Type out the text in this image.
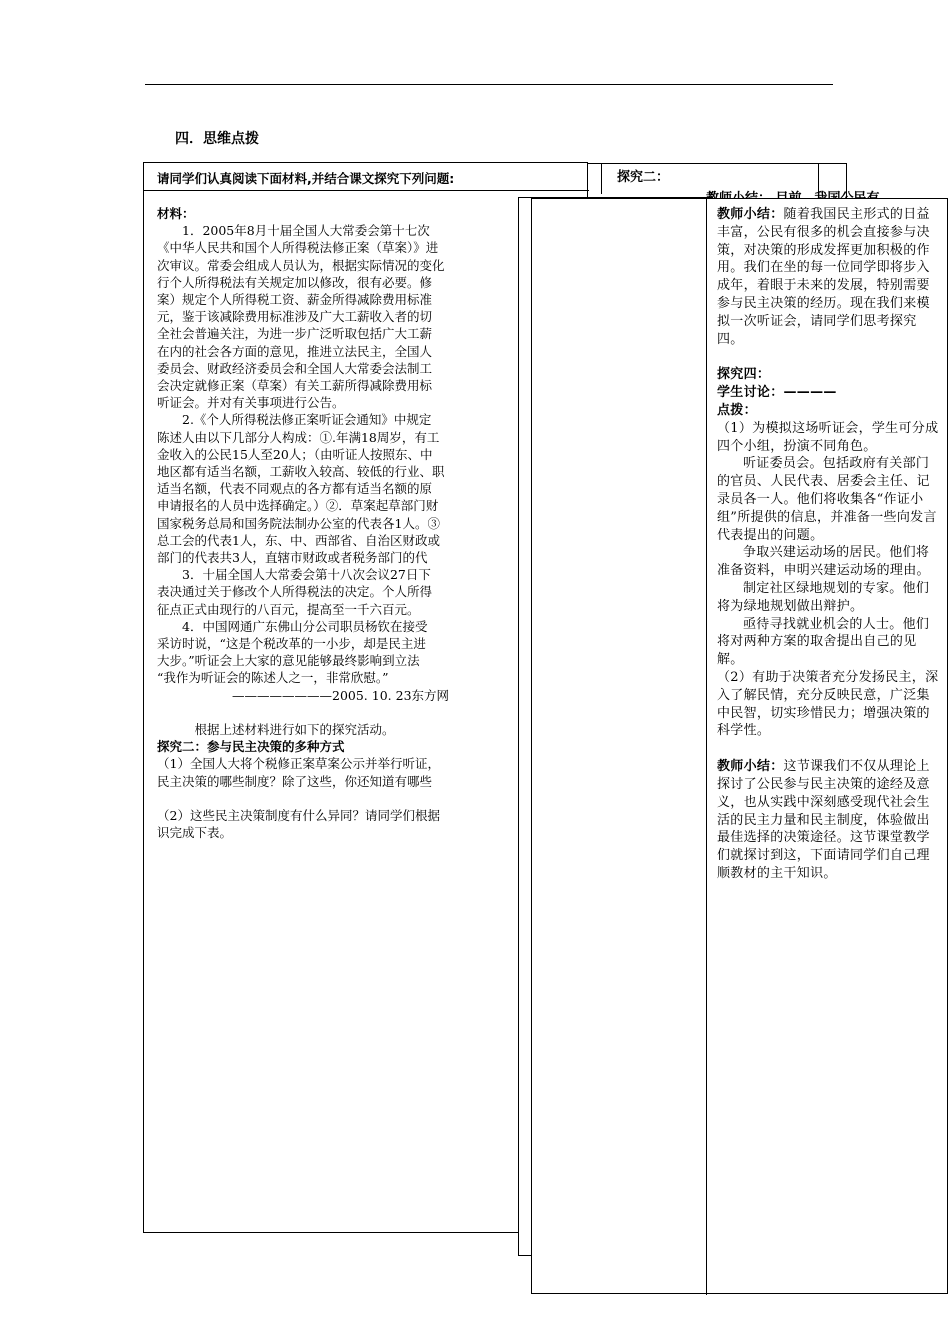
四．思维点拨
探究二：
请同学们认真阅读下面材料,并结合课文探究下列问题:
材料：
1．2005年8月十届全国人大常委会第十七次
《中华人民共和国个人所得税法修正案（草案）》进
次审议。常委会组成人员认为，根据实际情况的变化
行个人所得税法有关规定加以修改，很有必要。修
案）规定个人所得税工资、薪金所得减除费用标准
元，鉴于该减除费用标准涉及广大工薪收入者的切
全社会普遍关注，为进一步广泛听取包括广大工薪
在内的社会各方面的意见，推进立法民主，全国人
委员会、财政经济委员会和全国人大常委会法制工
会决定就修正案（草案）有关工薪所得减除费用标
听证会。并对有关事项进行公告。
2.《个人所得税法修正案听证会通知》中规定
陈述人由以下几部分人构成：①.年满18周岁，有工
金收入的公民15人至20人；（由听证人按照东、中
地区都有适当名额，工薪收入较高、较低的行业、职
适当名额，代表不同观点的各方都有适当名额的原
申请报名的人员中选择确定。）②．草案起草部门财
国家税务总局和国务院法制办公室的代表各1人。③
总工会的代表1人，东、中、西部省、自治区财政或
部门的代表共3人，直辖市财政或者税务部门的代
3．十届全国人大常委会第十八次会议27日下
表决通过关于修改个人所得税法的决定。个人所得
征点正式由现行的八百元，提高至一千六百元。
4．中国网通广东佛山分公司职员杨钦在接受
采访时说，“这是个税改革的一小步，却是民主进
大步。”听证会上大家的意见能够最终影响到立法
“我作为听证会的陈述人之一，非常欣慰。”
————————2005. 10. 23东方网
根据上述材料进行如下的探究活动。
探究二：参与民主决策的多种方式
（1）全国人大将个税修正案草案公示并举行听证，
民主决策的哪些制度？除了这些，你还知道有哪些
（2）这些民主决策制度有什么异同？请同学们根据
识完成下表。
教师小结：随着我国民主形式的日益丰富，公民有很多的机会直接参与决策，对决策的形成发挥更加积极的作用。我们在坐的每一位同学即将步入成年，着眼于未来的发展，特别需要参与民主决策的经历。现在我们来模拟一次听证会，请同学们思考探究四。
探究四：
学生讨论：————
点拨：
（1）为模拟这场听证会，学生可分成四个小组，扮演不同角色。
听证委员会。包括政府有关部门的官员、人民代表、居委会主任、记录员各一人。他们将收集各“作证小组”所提供的信息，并准备一些向发言代表提出的问题。
争取兴建运动场的居民。他们将准备资料，申明兴建运动场的理由。
制定社区绿地规划的专家。他们将为绿地规划做出辩护。
亟待寻找就业机会的人士。他们将对两种方案的取舍提出自己的见解。
（2）有助于决策者充分发扬民主，深入了解民情，充分反映民意，广泛集中民智，切实珍惜民力；增强决策的科学性。
教师小结：这节课我们不仅从理论上探讨了公民参与民主决策的途经及意义，也从实践中深刻感受现代社会生活的民主力量和民主制度，体验做出最佳选择的决策途径。这节课堂教学们就探讨到这，下面请同学们自己理顺教材的主干知识。
